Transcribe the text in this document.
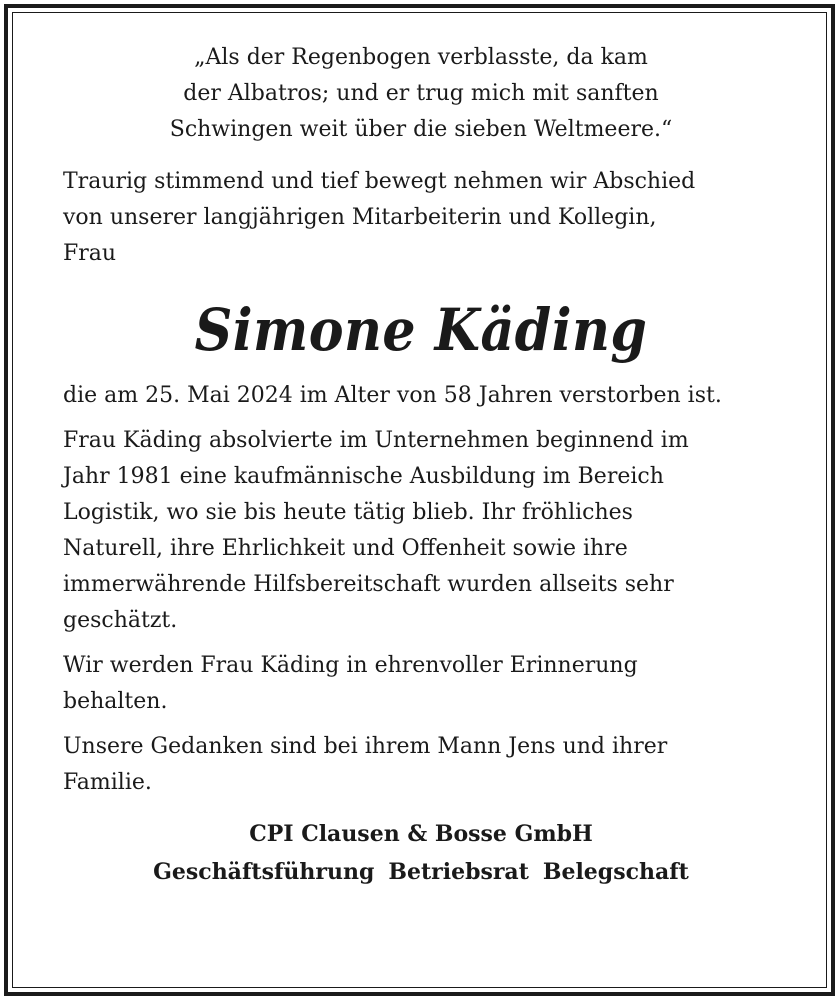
„Als der Regenbogen verblasste, da kam
der Albatros; und er trug mich mit sanften
Schwingen weit über die sieben Weltmeere.“
Traurig stimmend und tief bewegt nehmen wir Abschied
von unserer langjährigen Mitarbeiterin und Kollegin,
Frau
Simone Käding
die am 25. Mai 2024 im Alter von 58 Jahren verstorben ist.
Frau Käding absolvierte im Unternehmen beginnend im
Jahr 1981 eine kaufmännische Ausbildung im Bereich
Logistik, wo sie bis heute tätig blieb. Ihr fröhliches
Naturell, ihre Ehrlichkeit und Offenheit sowie ihre
immerwährende Hilfsbereitschaft wurden allseits sehr
geschätzt.
Wir werden Frau Käding in ehrenvoller Erinnerung
behalten.
Unsere Gedanken sind bei ihrem Mann Jens und ihrer
Familie.
CPI Clausen & Bosse GmbH
Geschäftsführung Betriebsrat Belegschaft
